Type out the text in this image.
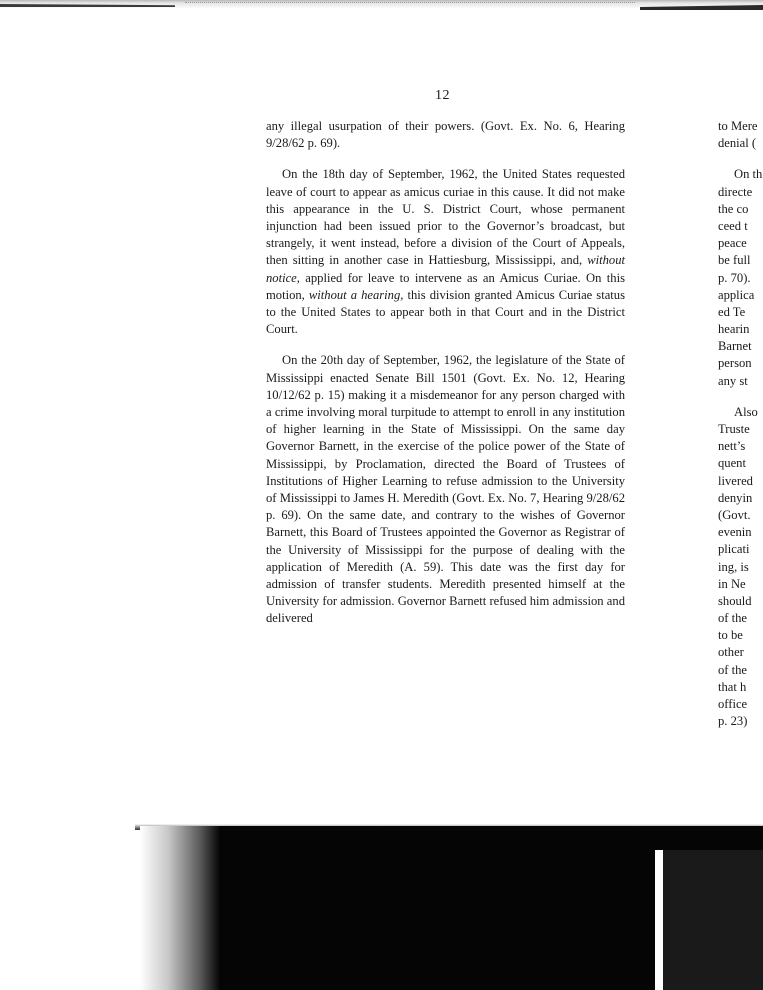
12

any illegal usurpation of their powers. (Govt. Ex. No. 6, Hearing 9/28/62 p. 69).

On the 18th day of September, 1962, the United States requested leave of court to appear as amicus curiae in this cause. It did not make this appearance in the U. S. District Court, whose permanent injunction had been issued prior to the Governor’s broadcast, but strangely, it went instead, before a division of the Court of Appeals, then sitting in another case in Hattiesburg, Mississippi, and, without notice, applied for leave to intervene as an Amicus Curiae. On this motion, without a hearing, this division granted Amicus Curiae status to the United States to appear both in that Court and in the District Court.

On the 20th day of September, 1962, the legislature of the State of Mississippi enacted Senate Bill 1501 (Govt. Ex. No. 12, Hearing 10/12/62 p. 15) making it a misdemeanor for any person charged with a crime involving moral turpitude to attempt to enroll in any institution of higher learning in the State of Mississippi. On the same day Governor Barnett, in the exercise of the police power of the State of Mississippi, by Proclamation, directed the Board of Trustees of Institutions of Higher Learning to refuse admission to the University of Mississippi to James H. Meredith (Govt. Ex. No. 7, Hearing 9/28/62 p. 69). On the same date, and contrary to the wishes of Governor Barnett, this Board of Trustees appointed the Governor as Registrar of the University of Mississippi for the purpose of dealing with the application of Meredith (A. 59). This date was the first day for admission of transfer students. Meredith presented himself at the University for admission. Governor Barnett refused him admission and delivered

to Mere
denial (
On th
directe
the co
ceed t
peace
be full
p. 70).
applica
ed Te
hearin
Barnet
person
any st
Also
Truste
nett’s
quent
livered
denyin
(Govt.
evenin
plicati
ing, is
in Ne
should
of the
to be
other
of the
that h
office
p. 23)
